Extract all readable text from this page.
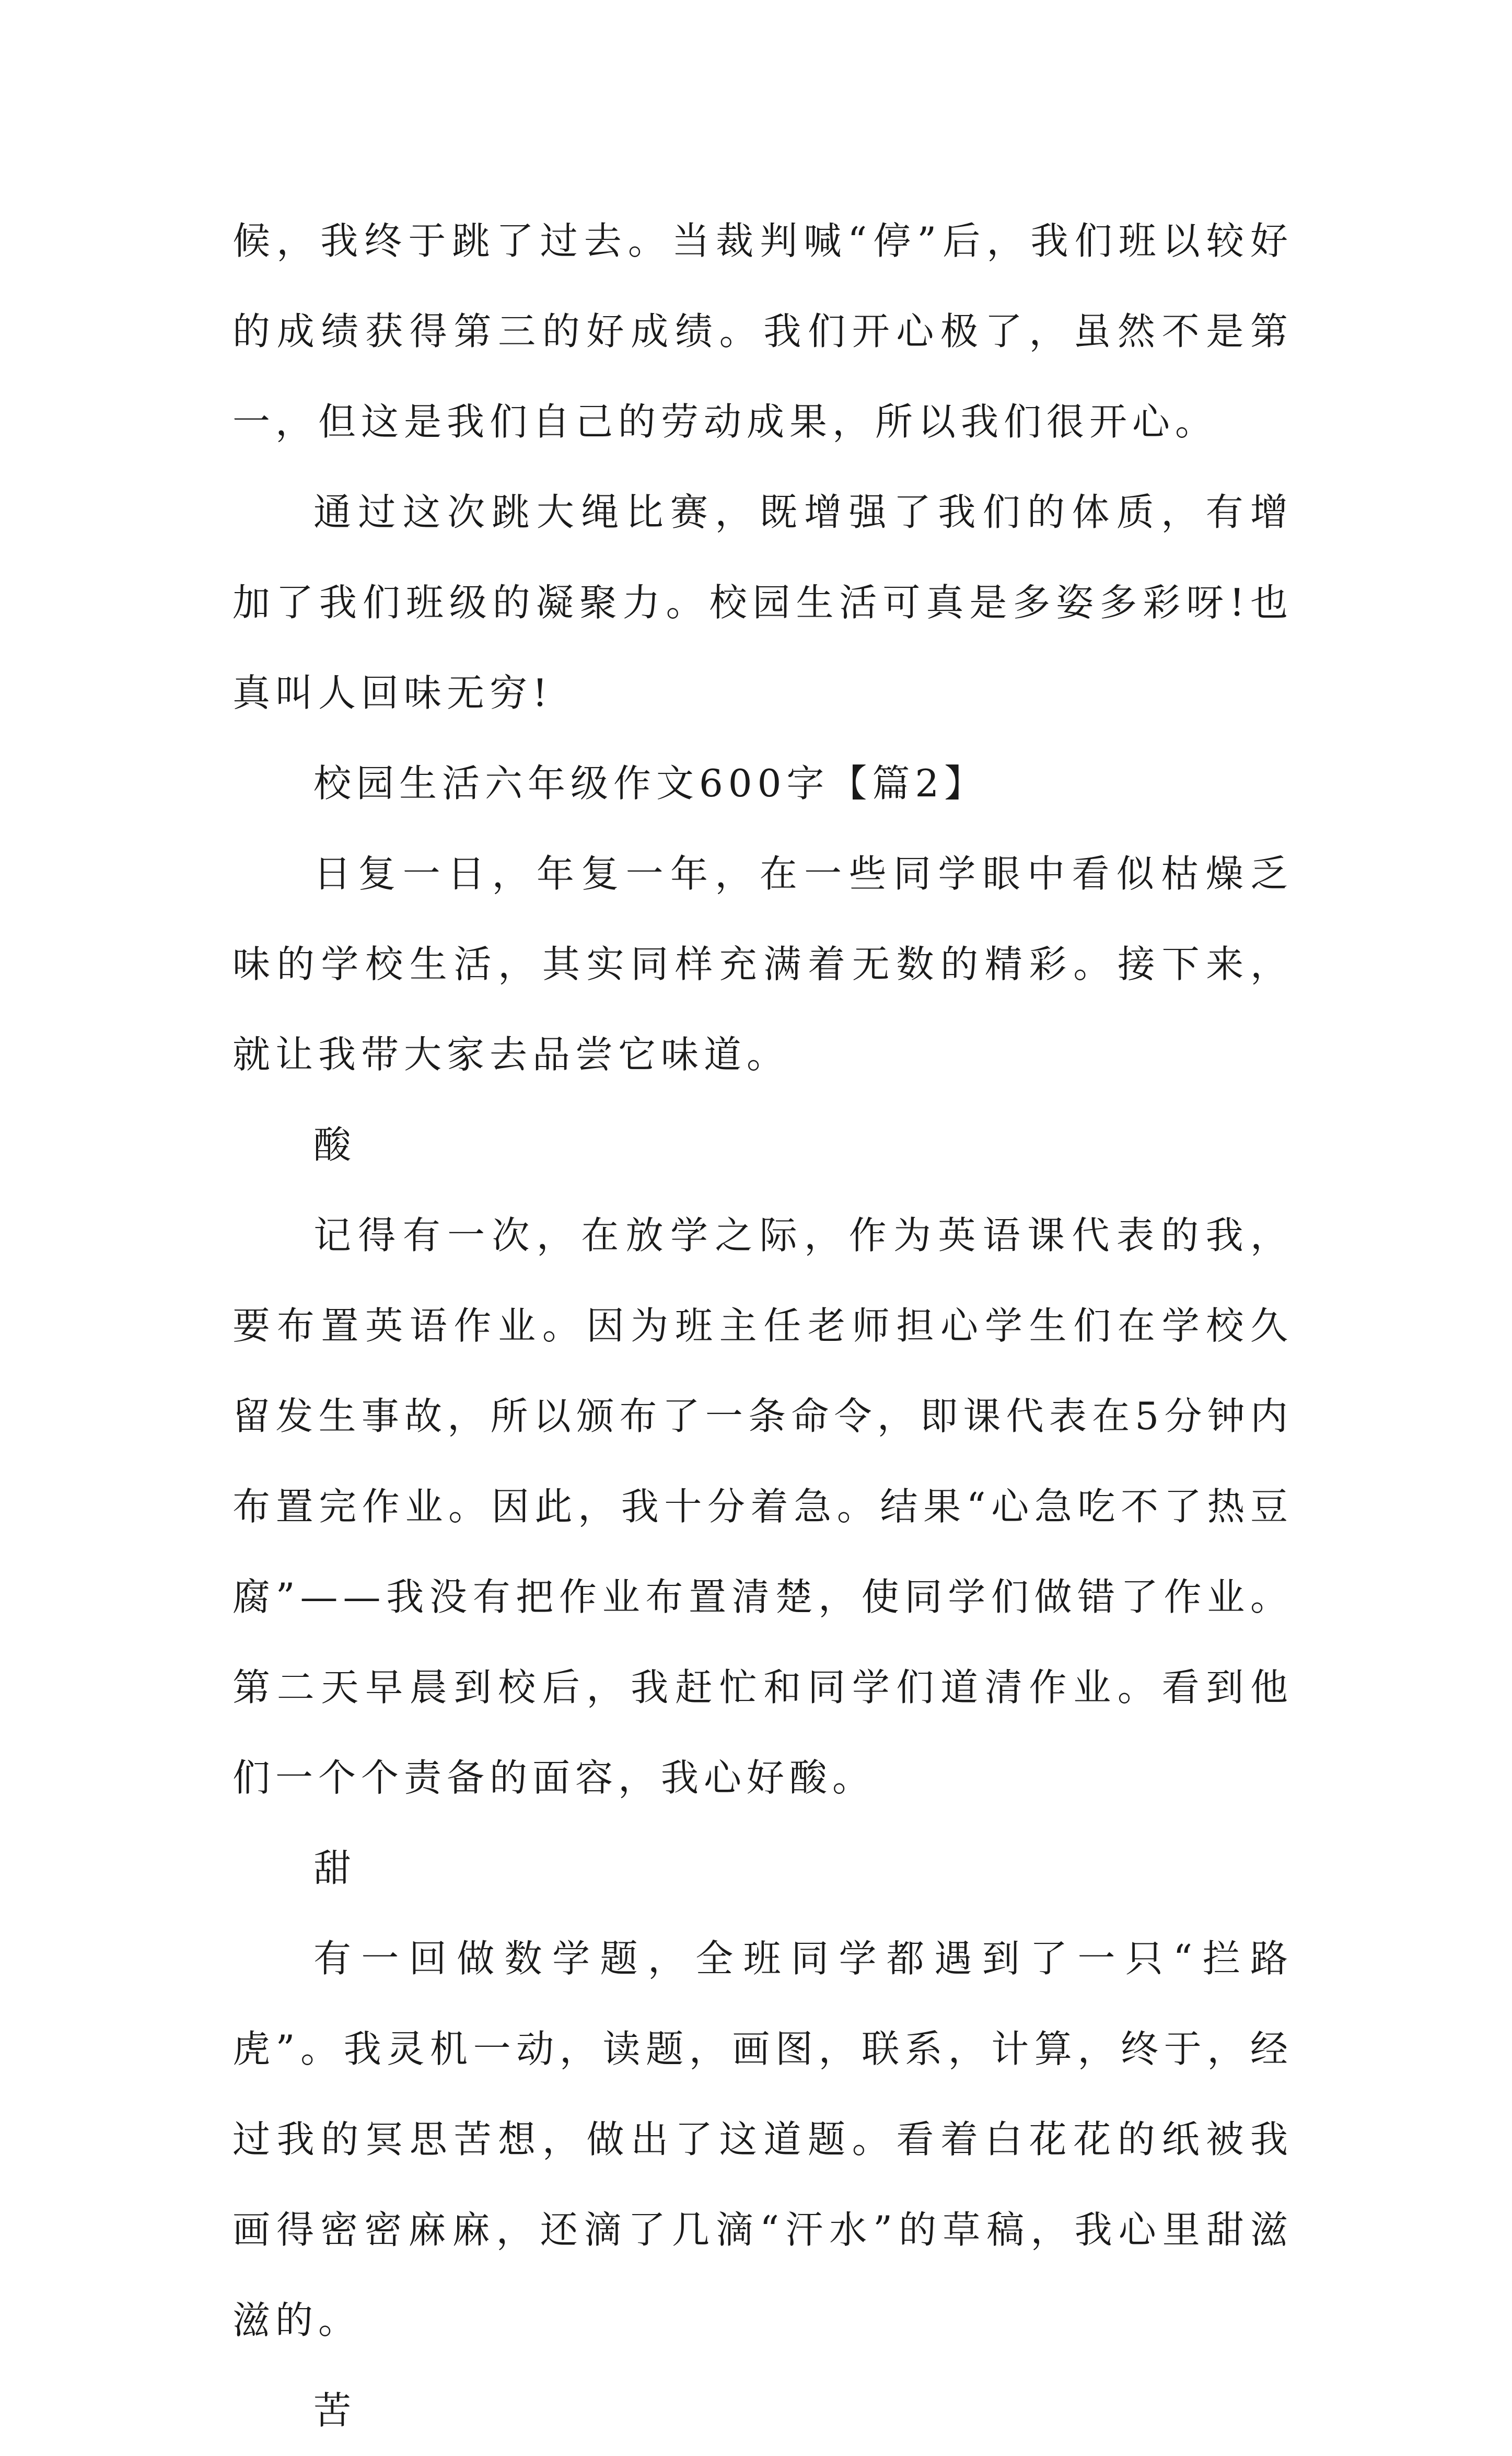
候，我终于跳了过去。当裁判喊“停”后，我们班以较好的成绩获得第三的好成绩。我们开心极了，虽然不是第一，但这是我们自己的劳动成果，所以我们很开心。

通过这次跳大绳比赛，既增强了我们的体质，有增加了我们班级的凝聚力。校园生活可真是多姿多彩呀!也真叫人回味无穷!

校园生活六年级作文600字【篇2】

日复一日，年复一年，在一些同学眼中看似枯燥乏味的学校生活，其实同样充满着无数的精彩。接下来，就让我带大家去品尝它味道。

酸

记得有一次，在放学之际，作为英语课代表的我，要布置英语作业。因为班主任老师担心学生们在学校久留发生事故，所以颁布了一条命令，即课代表在5分钟内布置完作业。因此，我十分着急。结果“心急吃不了热豆腐”——我没有把作业布置清楚，使同学们做错了作业。第二天早晨到校后，我赶忙和同学们道清作业。看到他们一个个责备的面容，我心好酸。

甜

有一回做数学题，全班同学都遇到了一只“拦路虎”。我灵机一动，读题，画图，联系，计算，终于，经过我的冥思苦想，做出了这道题。看着白花花的纸被我画得密密麻麻，还滴了几滴“汗水”的草稿，我心里甜滋滋的。

苦
